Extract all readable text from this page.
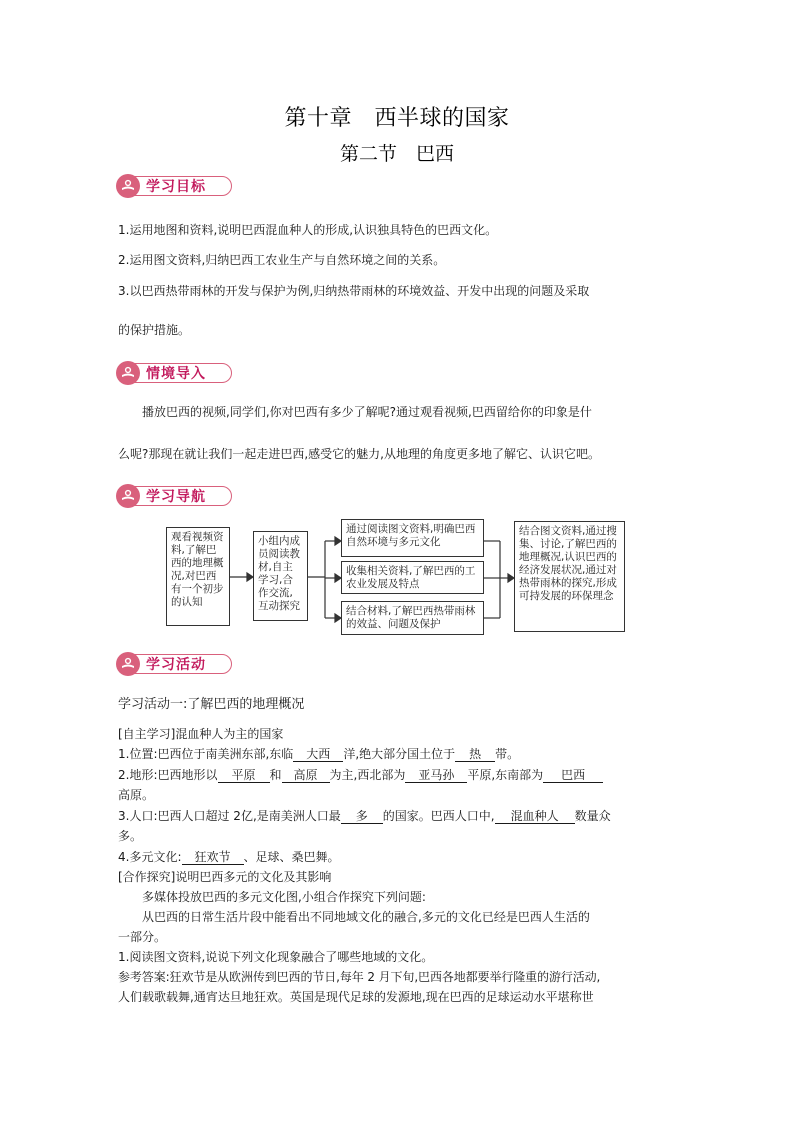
第十章　西半球的国家
第二节　巴西
学习目标
1.运用地图和资料,说明巴西混血种人的形成,认识独具特色的巴西文化。
2.运用图文资料,归纳巴西工农业生产与自然环境之间的关系。
3.以巴西热带雨林的开发与保护为例,归纳热带雨林的环境效益、开发中出现的问题及采取
的保护措施。
情境导入
播放巴西的视频,同学们,你对巴西有多少了解呢?通过观看视频,巴西留给你的印象是什
么呢?那现在就让我们一起走进巴西,感受它的魅力,从地理的角度更多地了解它、认识它吧。
学习导航
观看视频资料,了解巴西的地理概况,对巴西有一个初步的认知
小组内成员阅读教材,自主学习,合作交流,互动探究
通过阅读图文资料,明确巴西自然环境与多元文化
收集相关资料,了解巴西的工农业发展及特点
结合材料,了解巴西热带雨林的效益、问题及保护
结合图文资料,通过搜集、讨论,了解巴西的地理概况,认识巴西的经济发展状况,通过对热带雨林的探究,形成可持发展的环保理念
学习活动
学习活动一:了解巴西的地理概况
[自主学习]混血种人为主的国家
1.位置:巴西位于南美洲东部,东临 大西 洋,绝大部分国土位于 热 带。
2.地形:巴西地形以 平原 和 高原 为主,西北部为 亚马孙 平原,东南部为 巴西
高原。
3.人口:巴西人口超过 2亿,是南美洲人口最 多 的国家。巴西人口中, 混血种人 数量众
多。
4.多元文化: 狂欢节 、足球、桑巴舞。
[合作探究]说明巴西多元的文化及其影响
多媒体投放巴西的多元文化图,小组合作探究下列问题:
从巴西的日常生活片段中能看出不同地域文化的融合,多元的文化已经是巴西人生活的
一部分。
1.阅读图文资料,说说下列文化现象融合了哪些地域的文化。
参考答案:狂欢节是从欧洲传到巴西的节日,每年 2 月下旬,巴西各地都要举行隆重的游行活动,
人们载歌载舞,通宵达旦地狂欢。英国是现代足球的发源地,现在巴西的足球运动水平堪称世
